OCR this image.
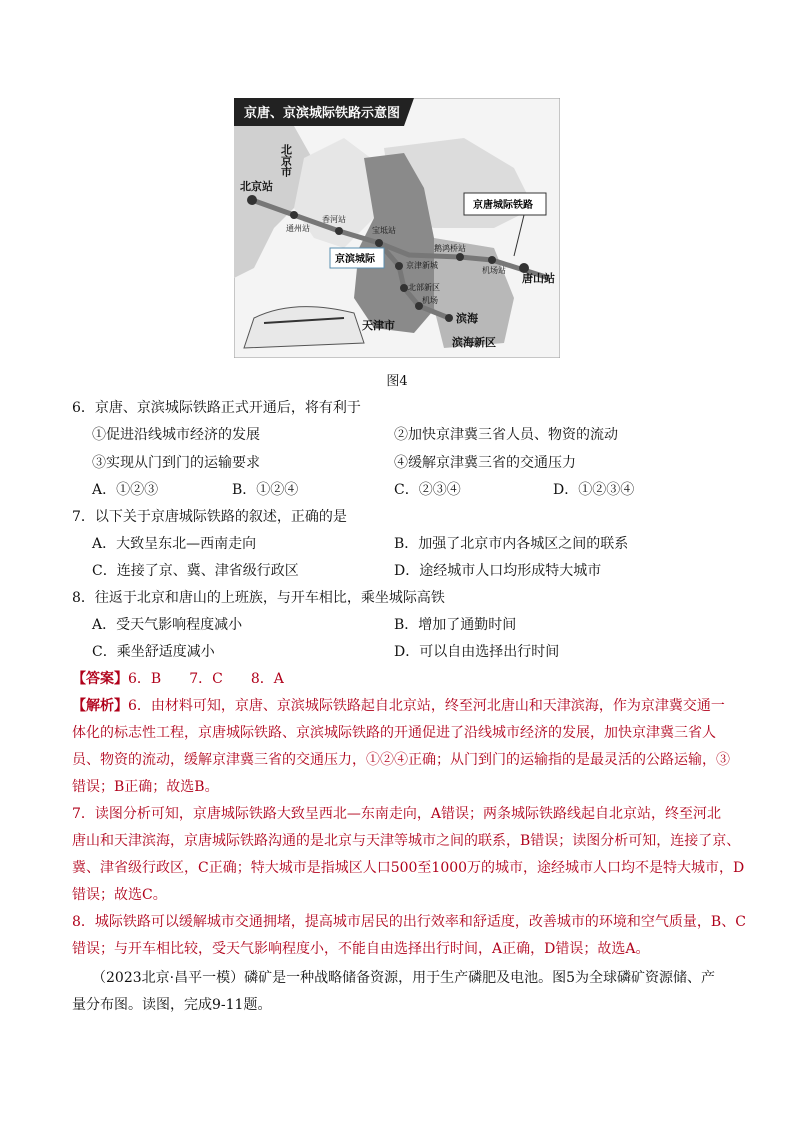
京唐、京滨城际铁路示意图
北京市
北京站
通州站
香河站
宝坻站
鹅鸿桥站
机场站
唐山站
京津新城
北部新区
机场
滨海
天津市
滨海新区
京唐城际铁路
京滨城际
图4
6．京唐、京滨城际铁路正式开通后，将有利于
①促进沿线城市经济的发展	②加快京津冀三省人员、物资的流动
③实现从门到门的运输要求	④缓解京津冀三省的交通压力
A．①②③	B．①②④	C．②③④	D．①②③④
7．以下关于京唐城际铁路的叙述，正确的是
A．大致呈东北—西南走向	B．加强了北京市内各城区之间的联系
C．连接了京、冀、津省级行政区	D．途经城市人口均形成特大城市
8．往返于北京和唐山的上班族，与开车相比，乘坐城际高铁
A．受天气影响程度减小	B．增加了通勤时间
C．乘坐舒适度减小	D．可以自由选择出行时间
【答案】6．B　　7．C　　8．A
【解析】6．由材料可知，京唐、京滨城际铁路起自北京站，终至河北唐山和天津滨海，作为京津冀交通一
体化的标志性工程，京唐城际铁路、京滨城际铁路的开通促进了沿线城市经济的发展，加快京津冀三省人
员、物资的流动，缓解京津冀三省的交通压力，①②④正确；从门到门的运输指的是最灵活的公路运输，③
错误；B正确；故选B。
7．读图分析可知，京唐城际铁路大致呈西北—东南走向，A错误；两条城际铁路线起自北京站，终至河北
唐山和天津滨海，京唐城际铁路沟通的是北京与天津等城市之间的联系，B错误；读图分析可知，连接了京、
冀、津省级行政区，C正确；特大城市是指城区人口500至1000万的城市，途经城市人口均不是特大城市，D
错误；故选C。
8．城际铁路可以缓解城市交通拥堵，提高城市居民的出行效率和舒适度，改善城市的环境和空气质量，B、C
错误；与开车相比较，受天气影响程度小，不能自由选择出行时间，A正确，D错误；故选A。
（2023北京·昌平一模）磷矿是一种战略储备资源，用于生产磷肥及电池。图5为全球磷矿资源储、产
量分布图。读图，完成9-11题。
